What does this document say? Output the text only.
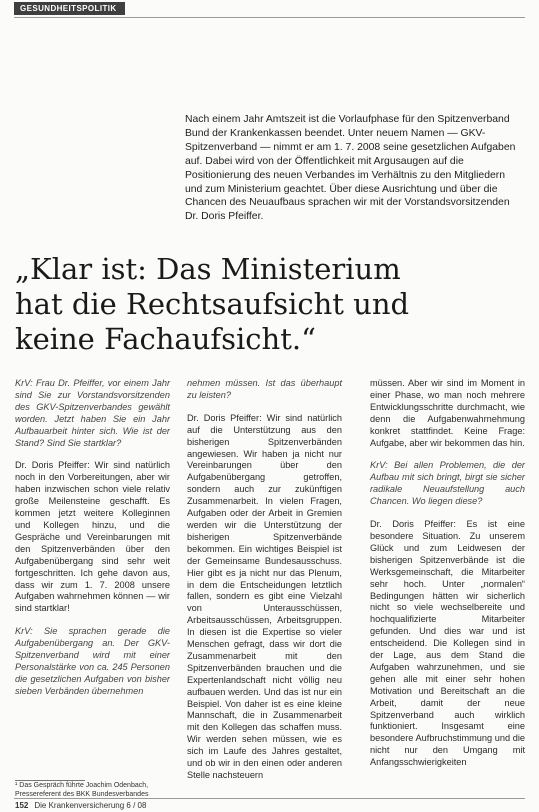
GESUNDHEITSPOLITIK

Nach einem Jahr Amtszeit ist die Vorlaufphase für den Spitzenverband Bund der Krankenkassen beendet. Unter neuem Namen — GKV-Spitzenverband — nimmt er am 1. 7. 2008 seine gesetzlichen Aufgaben auf. Dabei wird von der Öffentlichkeit mit Argusaugen auf die Positionierung des neuen Verbandes im Verhältnis zu den Mitgliedern und zum Ministerium geachtet. Über diese Ausrichtung und über die Chancen des Neuaufbaus sprachen wir mit der Vorstandsvorsitzenden Dr. Doris Pfeiffer.

„Klar ist: Das Ministerium

hat die Rechtsaufsicht und

keine Fachaufsicht.“

KrV: Frau Dr. Pfeiffer, vor einem Jahr sind Sie zur Vorstandsvorsitzenden des GKV-Spitzenverbandes gewählt worden. Jetzt haben Sie ein Jahr Aufbauarbeit hinter sich. Wie ist der Stand? Sind Sie startklar?

Dr. Doris Pfeiffer: Wir sind natürlich noch in den Vorbereitungen, aber wir haben inzwischen schon viele relativ große Meilensteine geschafft. Es kommen jetzt weitere Kolleginnen und Kollegen hinzu, und die Gespräche und Vereinbarungen mit den Spitzenverbänden über den Aufgabenübergang sind sehr weit fortgeschritten. Ich gehe davon aus, dass wir zum 1. 7. 2008 unsere Aufgaben wahrnehmen können — wir sind startklar!

KrV: Sie sprachen gerade die Aufgabenübergang an. Der GKV-Spitzenverband wird mit einer Personalstärke von ca. 245 Personen die gesetzlichen Aufgaben von bisher sieben Verbänden übernehmen

nehmen müssen. Ist das überhaupt zu leisten?

Dr. Doris Pfeiffer: Wir sind natürlich auf die Unterstützung aus den bisherigen Spitzenverbänden angewiesen. Wir haben ja nicht nur Vereinbarungen über den Aufgabenübergang getroffen, sondern auch zur zukünftigen Zusammenarbeit. In vielen Fragen, Aufgaben oder der Arbeit in Gremien werden wir die Unterstützung der bisherigen Spitzenverbände bekommen. Ein wichtiges Beispiel ist der Gemeinsame Bundesausschuss. Hier gibt es ja nicht nur das Plenum, in dem die Entscheidungen letztlich fallen, sondern es gibt eine Vielzahl von Unterausschüssen, Arbeitsausschüssen, Arbeitsgruppen. In diesen ist die Expertise so vieler Menschen gefragt, dass wir dort die Zusammenarbeit mit den Spitzenverbänden brauchen und die Expertenlandschaft nicht völlig neu aufbauen werden. Und das ist nur ein Beispiel. Von daher ist es eine kleine Mannschaft, die in Zusammenarbeit mit den Kollegen das schaffen muss. Wir werden sehen müssen, wie es sich im Laufe des Jahres gestaltet, und ob wir in den einen oder anderen Stelle nachsteuern

müssen. Aber wir sind im Moment in einer Phase, wo man noch mehrere Entwicklungsschritte durchmacht, wie denn die Aufgabenwahrnehmung konkret stattfindet. Keine Frage: Aufgabe, aber wir bekommen das hin.

KrV: Bei allen Problemen, die der Aufbau mit sich bringt, birgt sie sicher radikale Neuaufstellung auch Chancen. Wo liegen diese?

Dr. Doris Pfeiffer: Es ist eine besondere Situation. Zu unserem Glück und zum Leidwesen der bisherigen Spitzenverbände ist die Werksgemeinschaft, die Mitarbeiter sehr hoch. Unter „normalen“ Bedingungen hätten wir sicherlich nicht so viele wechselbereite und hochqualifizierte Mitarbeiter gefunden. Und dies war und ist entscheidend. Die Kollegen sind in der Lage, aus dem Stand die Aufgaben wahrzunehmen, und sie gehen alle mit einer sehr hohen Motivation und Bereitschaft an die Arbeit, damit der neue Spitzenverband auch wirklich funktioniert. Insgesamt eine besondere Aufbruchstimmung und die nicht nur den Umgang mit Anfangsschwierigkeiten

¹ Das Gespräch führte Joachim Odenbach, Pressereferent des BKK Bundesverbandes
152 Die Krankenversicherung 6 / 08
